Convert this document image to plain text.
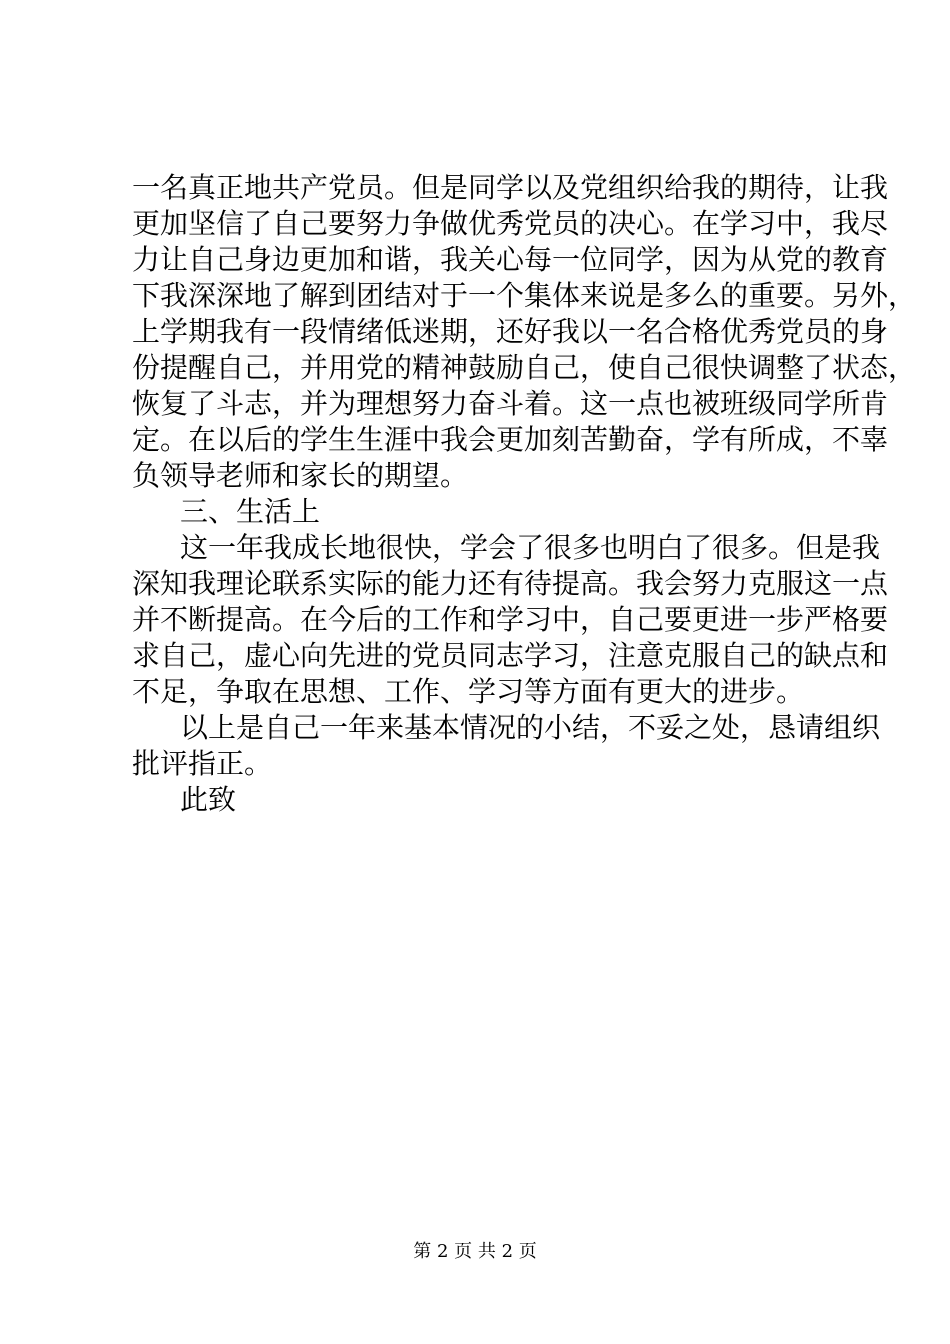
一名真正地共产党员。但是同学以及党组织给我的期待，让我
更加坚信了自己要努力争做优秀党员的决心。在学习中，我尽
力让自己身边更加和谐，我关心每一位同学，因为从党的教育
下我深深地了解到团结对于一个集体来说是多么的重要。另外，
上学期我有一段情绪低迷期，还好我以一名合格优秀党员的身
份提醒自己，并用党的精神鼓励自己，使自己很快调整了状态，
恢复了斗志，并为理想努力奋斗着。这一点也被班级同学所肯
定。在以后的学生生涯中我会更加刻苦勤奋，学有所成，不辜
负领导老师和家长的期望。
三、生活上
这一年我成长地很快，学会了很多也明白了很多。但是我
深知我理论联系实际的能力还有待提高。我会努力克服这一点
并不断提高。在今后的工作和学习中，自己要更进一步严格要
求自己，虚心向先进的党员同志学习，注意克服自己的缺点和
不足，争取在思想、工作、学习等方面有更大的进步。
以上是自己一年来基本情况的小结，不妥之处，恳请组织
批评指正。
此致
第 2 页 共 2 页
